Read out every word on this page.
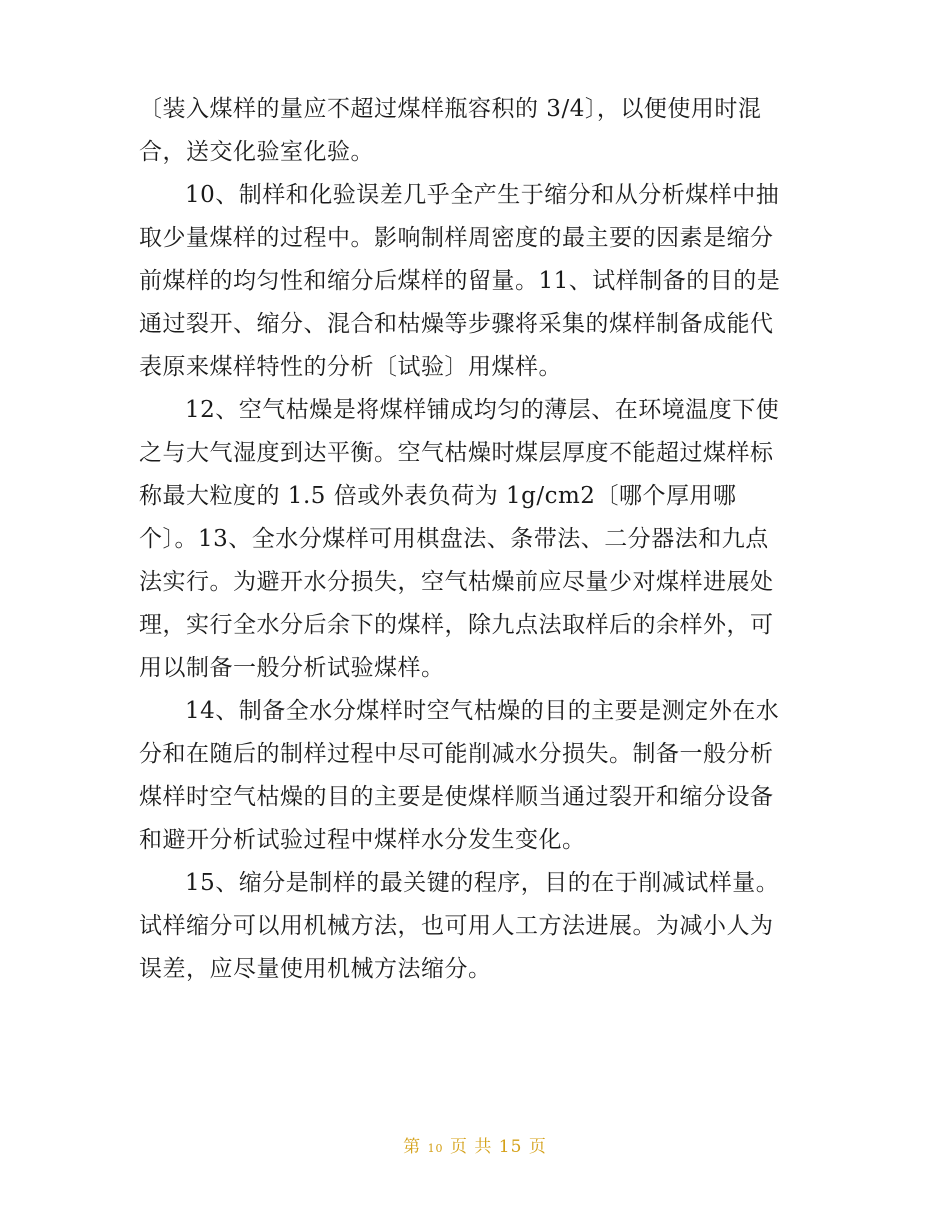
〔装入煤样的量应不超过煤样瓶容积的 3/4〕，以便使用时混
合，送交化验室化验。
10、制样和化验误差几乎全产生于缩分和从分析煤样中抽
取少量煤样的过程中。影响制样周密度的最主要的因素是缩分
前煤样的均匀性和缩分后煤样的留量。11、试样制备的目的是
通过裂开、缩分、混合和枯燥等步骤将采集的煤样制备成能代
表原来煤样特性的分析〔试验〕用煤样。
12、空气枯燥是将煤样铺成均匀的薄层、在环境温度下使
之与大气湿度到达平衡。空气枯燥时煤层厚度不能超过煤样标
称最大粒度的 1.5 倍或外表负荷为 1g/cm2〔哪个厚用哪
个〕。13、全水分煤样可用棋盘法、条带法、二分器法和九点
法实行。为避开水分损失，空气枯燥前应尽量少对煤样进展处
理，实行全水分后余下的煤样，除九点法取样后的余样外，可
用以制备一般分析试验煤样。
14、制备全水分煤样时空气枯燥的目的主要是测定外在水
分和在随后的制样过程中尽可能削减水分损失。制备一般分析
煤样时空气枯燥的目的主要是使煤样顺当通过裂开和缩分设备
和避开分析试验过程中煤样水分发生变化。
15、缩分是制样的最关键的程序，目的在于削减试样量。
试样缩分可以用机械方法，也可用人工方法进展。为减小人为
误差，应尽量使用机械方法缩分。
第 10 页 共 15 页
